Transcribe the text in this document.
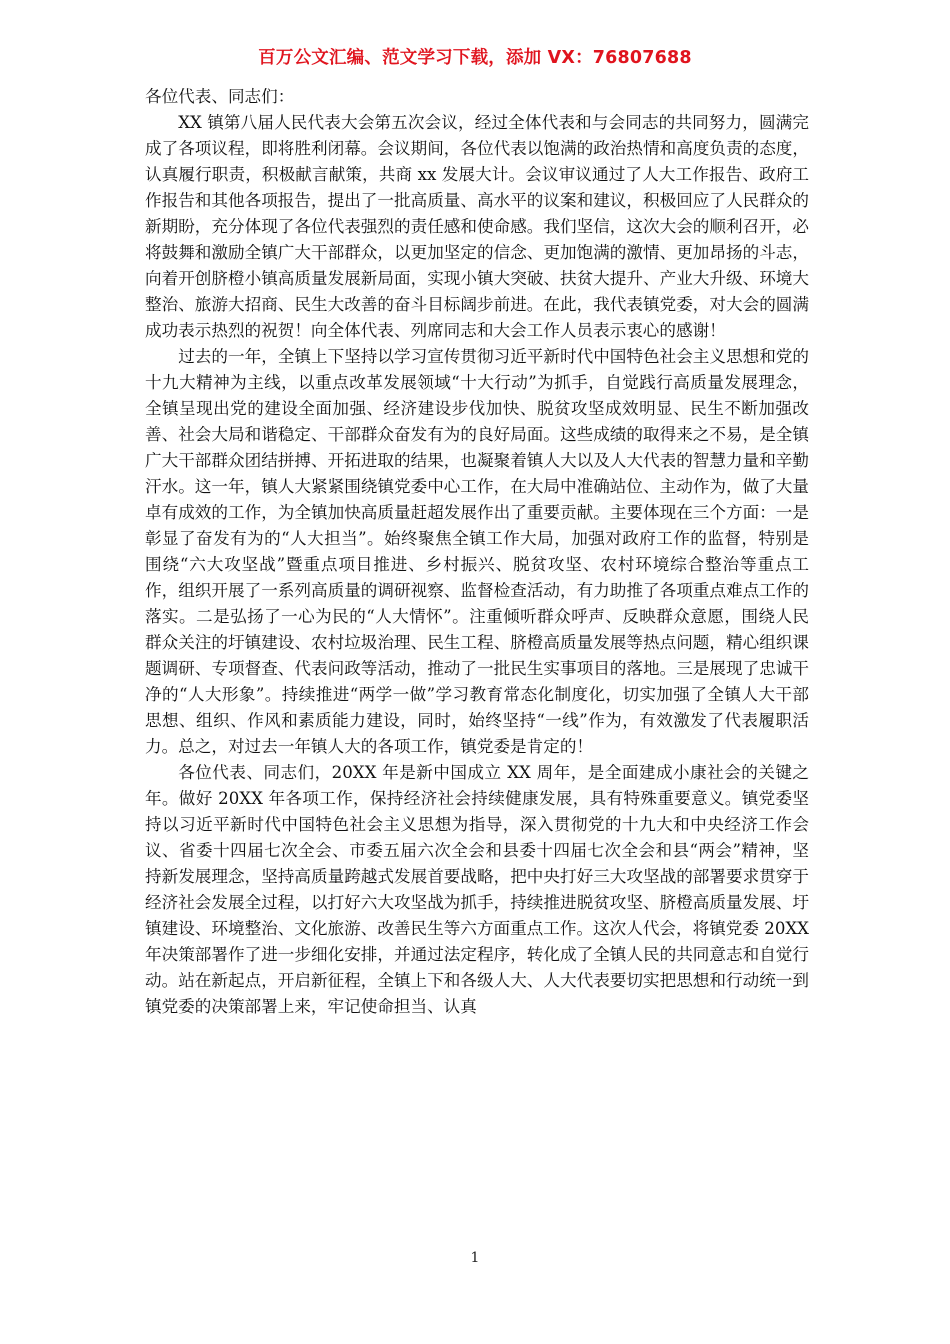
百万公文汇编、范文学习下载，添加 VX：76807688

各位代表、同志们：

XX 镇第八届人民代表大会第五次会议，经过全体代表和与会同志的共同努力，圆满完成了各项议程，即将胜利闭幕。会议期间，各位代表以饱满的政治热情和高度负责的态度，认真履行职责，积极献言献策，共商 xx 发展大计。会议审议通过了人大工作报告、政府工作报告和其他各项报告，提出了一批高质量、高水平的议案和建议，积极回应了人民群众的新期盼，充分体现了各位代表强烈的责任感和使命感。我们坚信，这次大会的顺利召开，必将鼓舞和激励全镇广大干部群众，以更加坚定的信念、更加饱满的激情、更加昂扬的斗志，向着开创脐橙小镇高质量发展新局面，实现小镇大突破、扶贫大提升、产业大升级、环境大整治、旅游大招商、民生大改善的奋斗目标阔步前进。在此，我代表镇党委，对大会的圆满成功表示热烈的祝贺！向全体代表、列席同志和大会工作人员表示衷心的感谢！

过去的一年，全镇上下坚持以学习宣传贯彻习近平新时代中国特色社会主义思想和党的十九大精神为主线，以重点改革发展领域“十大行动”为抓手，自觉践行高质量发展理念，全镇呈现出党的建设全面加强、经济建设步伐加快、脱贫攻坚成效明显、民生不断加强改善、社会大局和谐稳定、干部群众奋发有为的良好局面。这些成绩的取得来之不易，是全镇广大干部群众团结拼搏、开拓进取的结果，也凝聚着镇人大以及人大代表的智慧力量和辛勤汗水。这一年，镇人大紧紧围绕镇党委中心工作，在大局中准确站位、主动作为，做了大量卓有成效的工作，为全镇加快高质量赶超发展作出了重要贡献。主要体现在三个方面：一是彰显了奋发有为的“人大担当”。始终聚焦全镇工作大局，加强对政府工作的监督，特别是围绕“六大攻坚战”暨重点项目推进、乡村振兴、脱贫攻坚、农村环境综合整治等重点工作，组织开展了一系列高质量的调研视察、监督检查活动，有力助推了各项重点难点工作的落实。二是弘扬了一心为民的“人大情怀”。注重倾听群众呼声、反映群众意愿，围绕人民群众关注的圩镇建设、农村垃圾治理、民生工程、脐橙高质量发展等热点问题，精心组织课题调研、专项督查、代表问政等活动，推动了一批民生实事项目的落地。三是展现了忠诚干净的“人大形象”。持续推进“两学一做”学习教育常态化制度化，切实加强了全镇人大干部思想、组织、作风和素质能力建设，同时，始终坚持“一线”作为，有效激发了代表履职活力。总之，对过去一年镇人大的各项工作，镇党委是肯定的！

各位代表、同志们，20XX 年是新中国成立 XX 周年，是全面建成小康社会的关键之年。做好 20XX 年各项工作，保持经济社会持续健康发展，具有特殊重要意义。镇党委坚持以习近平新时代中国特色社会主义思想为指导，深入贯彻党的十九大和中央经济工作会议、省委十四届七次全会、市委五届六次全会和县委十四届七次全会和县“两会”精神，坚持新发展理念，坚持高质量跨越式发展首要战略，把中央打好三大攻坚战的部署要求贯穿于经济社会发展全过程，以打好六大攻坚战为抓手，持续推进脱贫攻坚、脐橙高质量发展、圩镇建设、环境整治、文化旅游、改善民生等六方面重点工作。这次人代会，将镇党委 20XX 年决策部署作了进一步细化安排，并通过法定程序，转化成了全镇人民的共同意志和自觉行动。站在新起点，开启新征程，全镇上下和各级人大、人大代表要切实把思想和行动统一到镇党委的决策部署上来，牢记使命担当、认真

1
